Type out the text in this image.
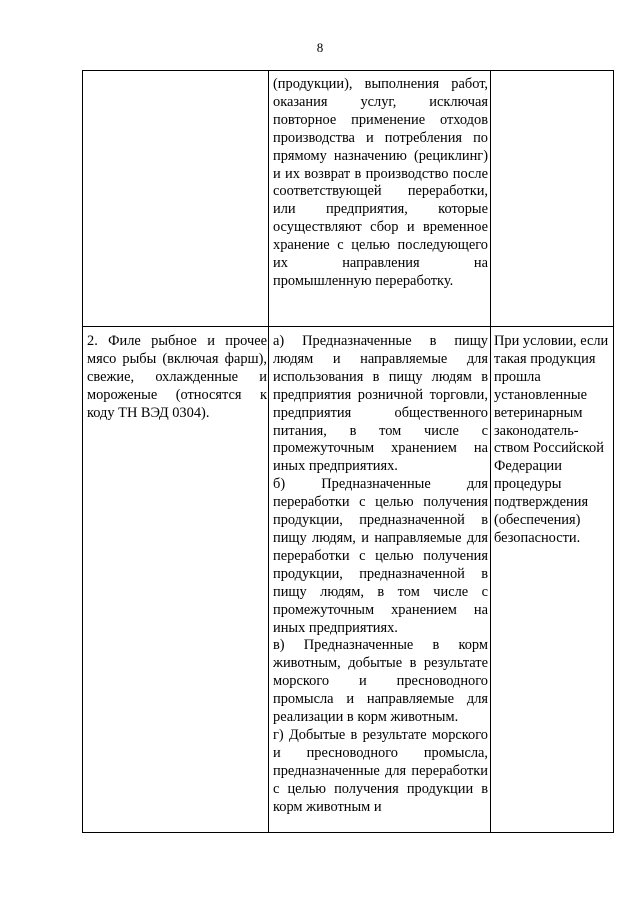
8
(продукции), выполнения работ, оказания услуг, исключая повторное применение отходов производства и потребления по прямому назначению (рециклинг) и их возврат в производство после соответствующей переработки, или предприятия, которые осуществляют сбор и временное хранение с целью последующего их направления на промышленную переработку.
2. Филе рыбное и прочее мясо рыбы (включая фарш), свежие, охлажденные и мороженые (относятся к коду ТН ВЭД 0304).

а) Предназначенные в пищу людям и направляемые для использования в пищу людям в предприятия розничной торговли, предприятия общественного питания, в том числе с промежуточным хранением на иных предприятиях.

б) Предназначенные для переработки с целью получения продукции, предназначенной в пищу людям, и направляемые для переработки с целью получения продукции, предназначенной в пищу людям, в том числе с промежуточным хранением на иных предприятиях.

в) Предназначенные в корм животным, добытые в результате морского и пресноводного промысла и направляемые для реализации в корм животным.

г) Добытые в результате морского и пресноводного промысла, предназначенные для переработки с целью получения продукции в корм животным и

При условии, если такая продукция прошла установленные ветеринарным законодатель-ством Российской Федерации процедуры подтверждения (обеспечения) безопасности.
